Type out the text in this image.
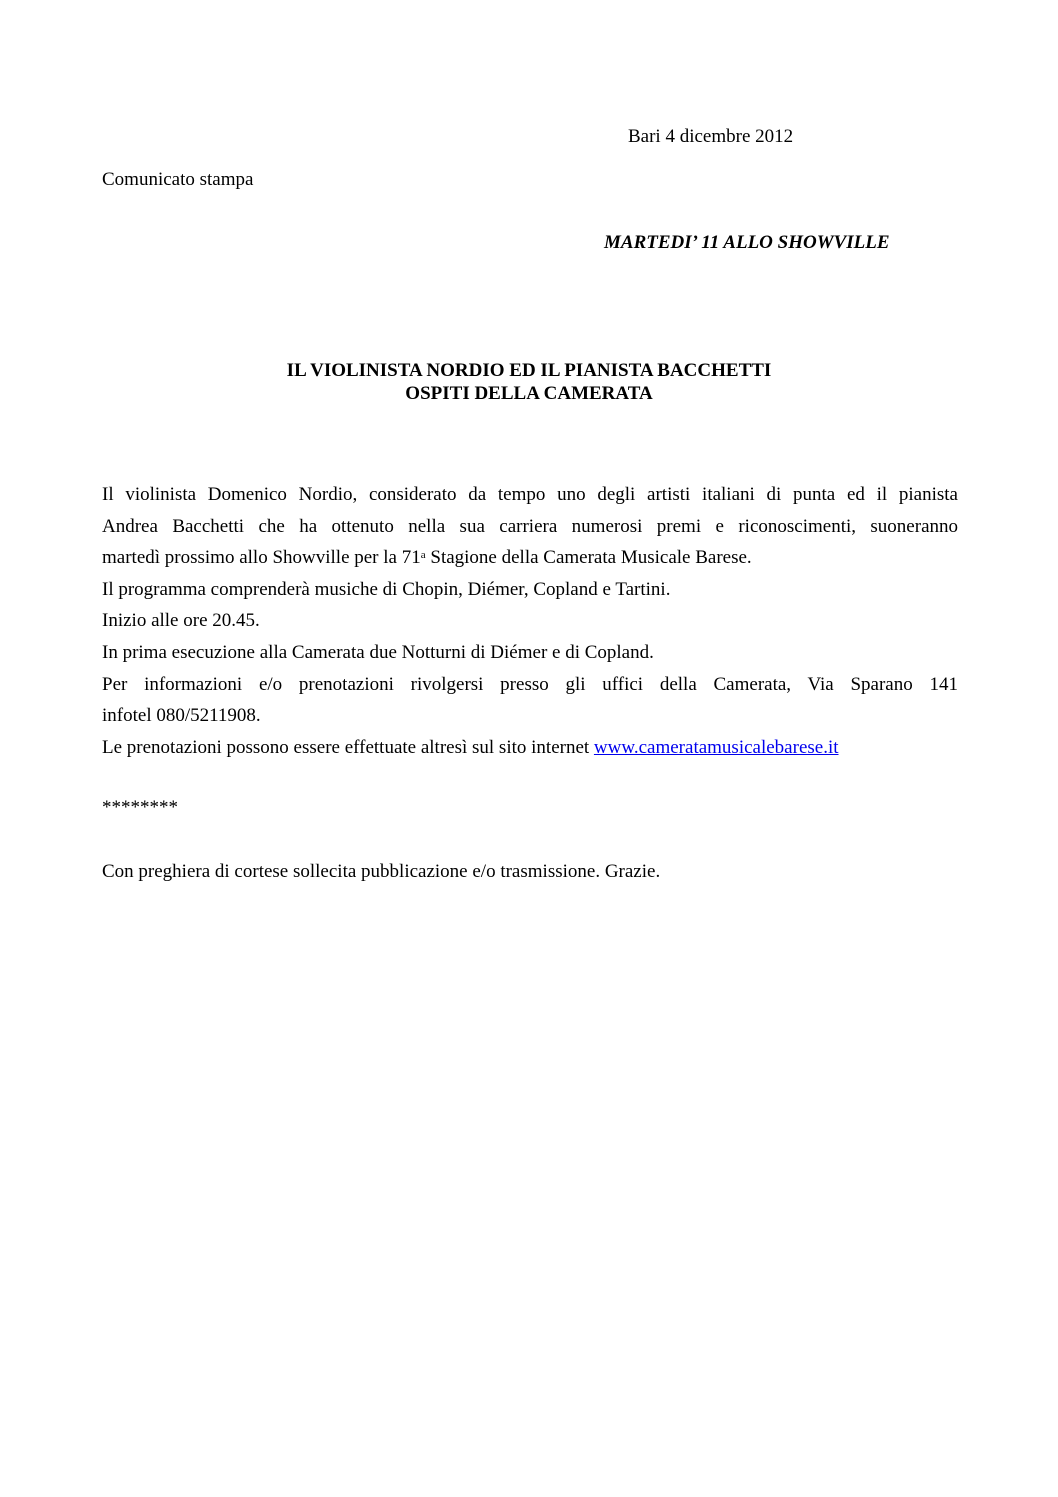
Bari 4 dicembre 2012
Comunicato stampa
MARTEDI’ 11 ALLO SHOWVILLE
IL VIOLINISTA NORDIO ED IL PIANISTA BACCHETTI
OSPITI DELLA CAMERATA
Il violinista Domenico Nordio, considerato da tempo uno degli artisti italiani di punta ed il pianista
Andrea Bacchetti che ha ottenuto nella sua carriera numerosi premi e riconoscimenti, suoneranno
martedì prossimo allo Showville per la 71$^a$ Stagione della Camerata Musicale Barese.
Il programma comprenderà musiche di Chopin, Diémer, Copland e Tartini.
Inizio alle ore 20.45.
In prima esecuzione alla Camerata due Notturni di Diémer e di Copland.
Per informazioni e/o prenotazioni rivolgersi presso gli uffici della Camerata, Via Sparano 141
infotel 080/5211908.
Le prenotazioni possono essere effettuate altresì sul sito internet www.cameratamusicalebarese.it
********
Con preghiera di cortese sollecita pubblicazione e/o trasmissione. Grazie.
